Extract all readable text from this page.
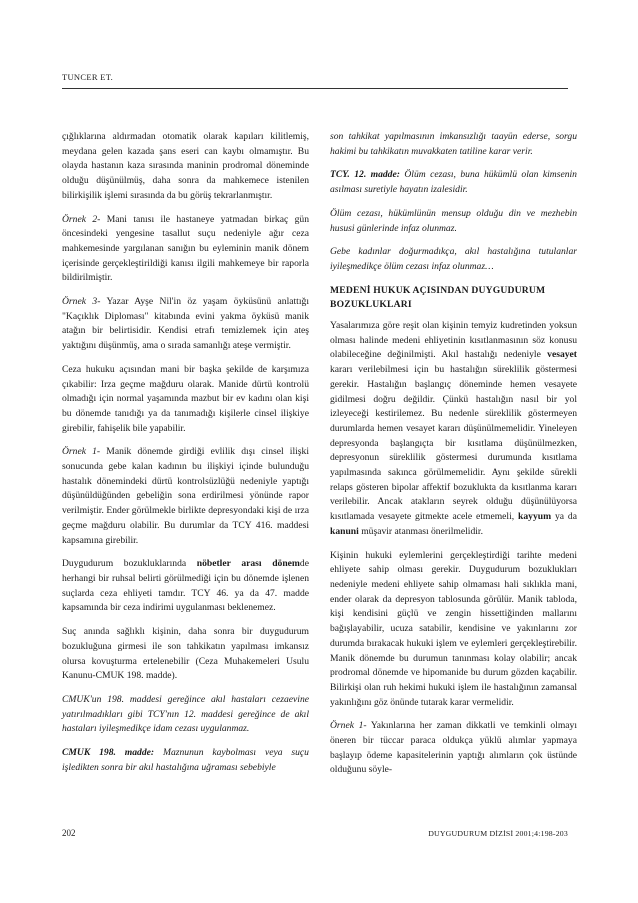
TUNCER ET.

çığlıklarına aldırmadan otomatik olarak kapıları kilitlemiş, meydana gelen kazada şans eseri can kaybı olmamıştır. Bu olayda hastanın kaza sırasında maninin prodromal döneminde olduğu düşünülmüş, daha sonra da mahkemece istenilen bilirkişilik işlemi sırasında da bu görüş tekrarlanmıştır.

Örnek 2- Mani tanısı ile hastaneye yatmadan birkaç gün öncesindeki yengesine tasallut suçu nedeniyle ağır ceza mahkemesinde yargılanan sanığın bu eyleminin manik dönem içerisinde gerçekleştirildiği kanısı ilgili mahkemeye bir raporla bildirilmiştir.

Örnek 3- Yazar Ayşe Nil'in öz yaşam öyküsünü anlattığı "Kaçıklık Diploması" kitabında evini yakma öyküsü manik atağın bir belirtisidir. Kendisi etrafı temizlemek için ateş yaktığını düşünmüş, ama o sırada samanlığı ateşe vermiştir.

Ceza hukuku açısından mani bir başka şekilde de karşımıza çıkabilir: Irza geçme mağduru olarak. Manide dürtü kontrolü olmadığı için normal yaşamında mazbut bir ev kadını olan kişi bu dönemde tanıdığı ya da tanımadığı kişilerle cinsel ilişkiye girebilir, fahişelik bile yapabilir.

Örnek 1- Manik dönemde girdiği evlilik dışı cinsel ilişki sonucunda gebe kalan kadının bu ilişkiyi içinde bulunduğu hastalık dönemindeki dürtü kontrolsüzlüğü nedeniyle yaptığı düşünüldüğünden gebeliğin sona erdirilmesi yönünde rapor verilmiştir. Ender görülmekle birlikte depresyondaki kişi de ırza geçme mağduru olabilir. Bu durumlar da TCY 416. maddesi kapsamına girebilir.

Duygudurum bozukluklarında nöbetler arası dönemde herhangi bir ruhsal belirti görülmediği için bu dönemde işlenen suçlarda ceza ehliyeti tamdır. TCY 46. ya da 47. madde kapsamında bir ceza indirimi uygulanması beklenemez.

Suç anında sağlıklı kişinin, daha sonra bir duygudurum bozukluğuna girmesi ile son tahkikatın yapılması imkansız olursa kovuşturma ertelenebilir (Ceza Muhakemeleri Usulu Kanunu-CMUK 198. madde).

CMUK'un 198. maddesi gereğince akıl hastaları cezaevine yatırılmadıkları gibi TCY'nın 12. maddesi gereğince de akıl hastaları iyileşmedikçe idam cezası uygulanmaz.

CMUK 198. madde: Maznunun kaybolması veya suçu işledikten sonra bir akıl hastalığına uğraması sebebiyle

son tahkikat yapılmasının imkansızlığı taayün ederse, sorgu hakimi bu tahkikatın muvakkaten tatiline karar verir.

TCY. 12. madde: Ölüm cezası, buna hükümlü olan kimsenin asılması suretiyle hayatın izalesidir.

Ölüm cezası, hükümlünün mensup olduğu din ve mezhebin hususi günlerinde infaz olunmaz.

Gebe kadınlar doğurmadıkça, akıl hastalığına tutulanlar iyileşmedikçe ölüm cezası infaz olunmaz…

MEDENİ HUKUK AÇISINDAN DUYGUDURUM BOZUKLUKLARI

Yasalarımıza göre reşit olan kişinin temyiz kudretinden yoksun olması halinde medeni ehliyetinin kısıtlanmasının söz konusu olabileceğine değinilmişti. Akıl hastalığı nedeniyle vesayet kararı verilebilmesi için bu hastalığın süreklilik göstermesi gerekir. Hastalığın başlangıç döneminde hemen vesayete gidilmesi doğru değildir. Çünkü hastalığın nasıl bir yol izleyeceği kestirilemez. Bu nedenle süreklilik göstermeyen durumlarda hemen vesayet kararı düşünülmemelidir. Yineleyen depresyonda başlangıçta bir kısıtlama düşünülmezken, depresyonun süreklilik göstermesi durumunda kısıtlama yapılmasında sakınca görülmemelidir. Aynı şekilde sürekli relaps gösteren bipolar affektif bozuklukta da kısıtlanma kararı verilebilir. Ancak atakların seyrek olduğu düşünülüyorsa kısıtlamada vesayete gitmekte acele etmemeli, kayyum ya da kanuni müşavir atanması önerilmelidir.

Kişinin hukuki eylemlerini gerçekleştirdiği tarihte medeni ehliyete sahip olması gerekir. Duygudurum bozuklukları nedeniyle medeni ehliyete sahip olmaması hali sıklıkla mani, ender olarak da depresyon tablosunda görülür. Manik tabloda, kişi kendisini güçlü ve zengin hissettiğinden mallarını bağışlayabilir, ucuza satabilir, kendisine ve yakınlarını zor durumda bırakacak hukuki işlem ve eylemleri gerçekleştirebilir. Manik dönemde bu durumun tanınması kolay olabilir; ancak prodromal dönemde ve hipomanide bu durum gözden kaçabilir. Bilirkişi olan ruh hekimi hukuki işlem ile hastalığının zamansal yakınlığını göz önünde tutarak karar vermelidir.

Örnek 1- Yakınlarına her zaman dikkatli ve temkinli olmayı öneren bir tüccar paraca oldukça yüklü alımlar yapmaya başlayıp ödeme kapasitelerinin yaptığı alımların çok üstünde olduğunu söyle-

202	DUYGUDURUM DİZİSİ 2001;4:198-203
